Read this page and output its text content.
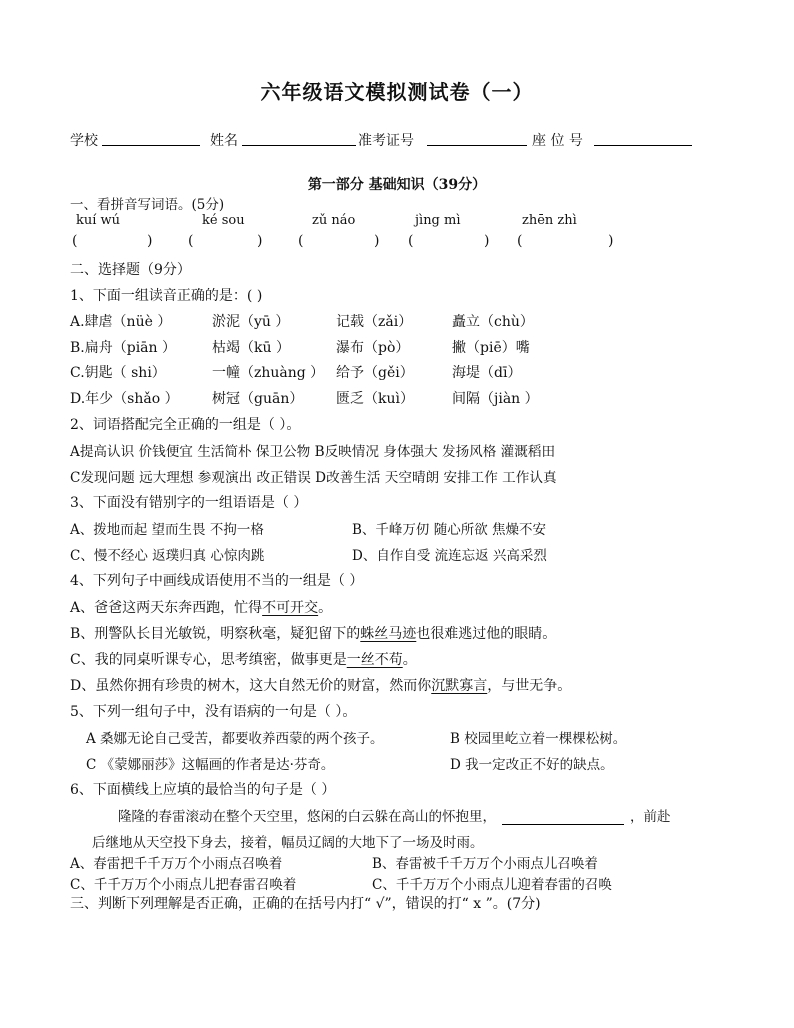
六年级语文模拟测试卷（一）
学校	姓名	准考证号	座 位 号
第一部分 基础知识（39分）
一、看拼音写词语。(5分)
kuí wú	ké sou	zǔ náo	jìng mì	zhēn zhì
(	)	(	)	(	) (	) (	)
二、选择题（9分）
1、下面一组读音正确的是：( )
A.肆虐（nüè ）	淤泥（yū ）	记载（zǎi）	矗立（chù）
B.扁舟（piān ）	枯竭（kū ）	瀑布（pò）	撇（piē）嘴
C.钥匙（ shi）	一幢（zhuàng ） 给予（gěi）	海堤（dī）
D.年少（shǎo ） 树冠（guān） 匮乏（kuì）	间隔（jiàn ）
2、词语搭配完全正确的一组是（ ）。
A提高认识 价钱便宜 生活简朴 保卫公物 B反映情况 身体强大 发扬风格 灌溉稻田
C发现问题 远大理想 参观演出 改正错误 D改善生活 天空晴朗 安排工作 工作认真
3、下面没有错别字的一组语语是（ ）
A、拨地而起 望而生畏 不拘一格	B、千峰万仞 随心所欲 焦燥不安
C、慢不经心 返璞归真 心惊肉跳	D、自作自受 流连忘返 兴高采烈
4、下列句子中画线成语使用不当的一组是（ ）
A、爸爸这两天东奔西跑，忙得不可开交。
B、刑警队长目光敏锐，明察秋毫，疑犯留下的蛛丝马迹也很难逃过他的眼睛。
C、我的同桌听课专心，思考缜密，做事更是一丝不苟。
D、虽然你拥有珍贵的树木，这大自然无价的财富，然而你沉默寡言，与世无争。
5、下列一组句子中，没有语病的一句是（ ）。
A 桑娜无论自己受苦，都要收养西蒙的两个孩子。	B 校园里屹立着一棵棵松树。
C 《蒙娜丽莎》这幅画的作者是达·芬奇。	D 我一定改正不好的缺点。
6、下面横线上应填的最恰当的句子是（ ）
隆隆的春雷滚动在整个天空里，悠闲的白云躲在高山的怀抱里，	，前赴
后继地从天空投下身去，接着，幅员辽阔的大地下了一场及时雨。
A、春雷把千千万万个小雨点召唤着	B、春雷被千千万万个小雨点儿召唤着
C、千千万万个小雨点儿把春雷召唤着	C、千千万万个小雨点儿迎着春雷的召唤
三、判断下列理解是否正确，正确的在括号内打“ √”，错误的打“ x ”。(7分)
